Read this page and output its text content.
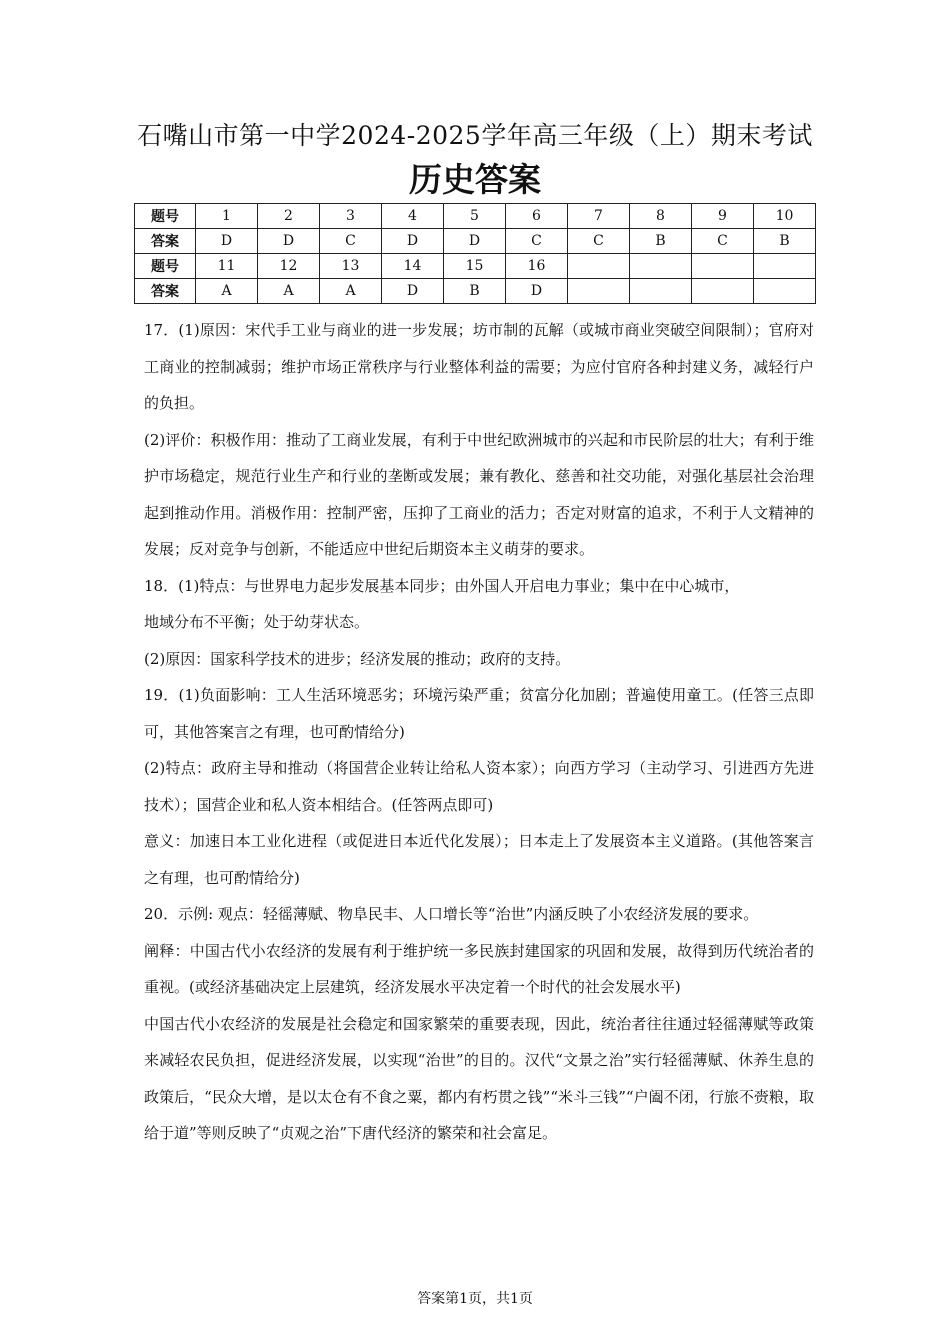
石嘴山市第一中学2024-2025学年高三年级（上）期末考试
历史答案
题号	1	2	3	4	5	6	7	8	9	10
答案	D	D	C	D	D	C	C	B	C	B
题号	11	12	13	14	15	16				
答案	A	A	A	D	B	D				

17．(1)原因：宋代手工业与商业的进一步发展；坊市制的瓦解（或城市商业突破空间限制）；官府对工商业的控制减弱；维护市场正常秩序与行业整体利益的需要；为应付官府各种封建义务，减轻行户的负担。

(2)评价：积极作用：推动了工商业发展，有利于中世纪欧洲城市的兴起和市民阶层的壮大；有利于维护市场稳定，规范行业生产和行业的垄断或发展；兼有教化、慈善和社交功能，对强化基层社会治理起到推动作用。消极作用：控制严密，压抑了工商业的活力；否定对财富的追求，不利于人文精神的发展；反对竞争与创新，不能适应中世纪后期资本主义萌芽的要求。

18．(1)特点：与世界电力起步发展基本同步；由外国人开启电力事业；集中在中心城市，

地域分布不平衡；处于幼芽状态。

(2)原因：国家科学技术的进步；经济发展的推动；政府的支持。

19．(1)负面影响：工人生活环境恶劣；环境污染严重；贫富分化加剧；普遍使用童工。(任答三点即可，其他答案言之有理，也可酌情给分)

(2)特点：政府主导和推动（将国营企业转让给私人资本家）；向西方学习（主动学习、引进西方先进技术）；国营企业和私人资本相结合。(任答两点即可)

意义：加速日本工业化进程（或促进日本近代化发展）；日本走上了发展资本主义道路。(其他答案言之有理，也可酌情给分)

20．示例: 观点：轻徭薄赋、物阜民丰、人口增长等“治世”内涵反映了小农经济发展的要求。

阐释：中国古代小农经济的发展有利于维护统一多民族封建国家的巩固和发展，故得到历代统治者的重视。(或经济基础决定上层建筑，经济发展水平决定着一个时代的社会发展水平)

中国古代小农经济的发展是社会稳定和国家繁荣的重要表现，因此，统治者往往通过轻徭薄赋等政策来减轻农民负担，促进经济发展，以实现“治世”的目的。汉代“文景之治”实行轻徭薄赋、休养生息的政策后，“民众大增，是以太仓有不食之粟，都内有朽贯之钱”“米斗三钱”“户阖不闭，行旅不赍粮，取给于道”等则反映了“贞观之治”下唐代经济的繁荣和社会富足。

答案第1页，共1页
